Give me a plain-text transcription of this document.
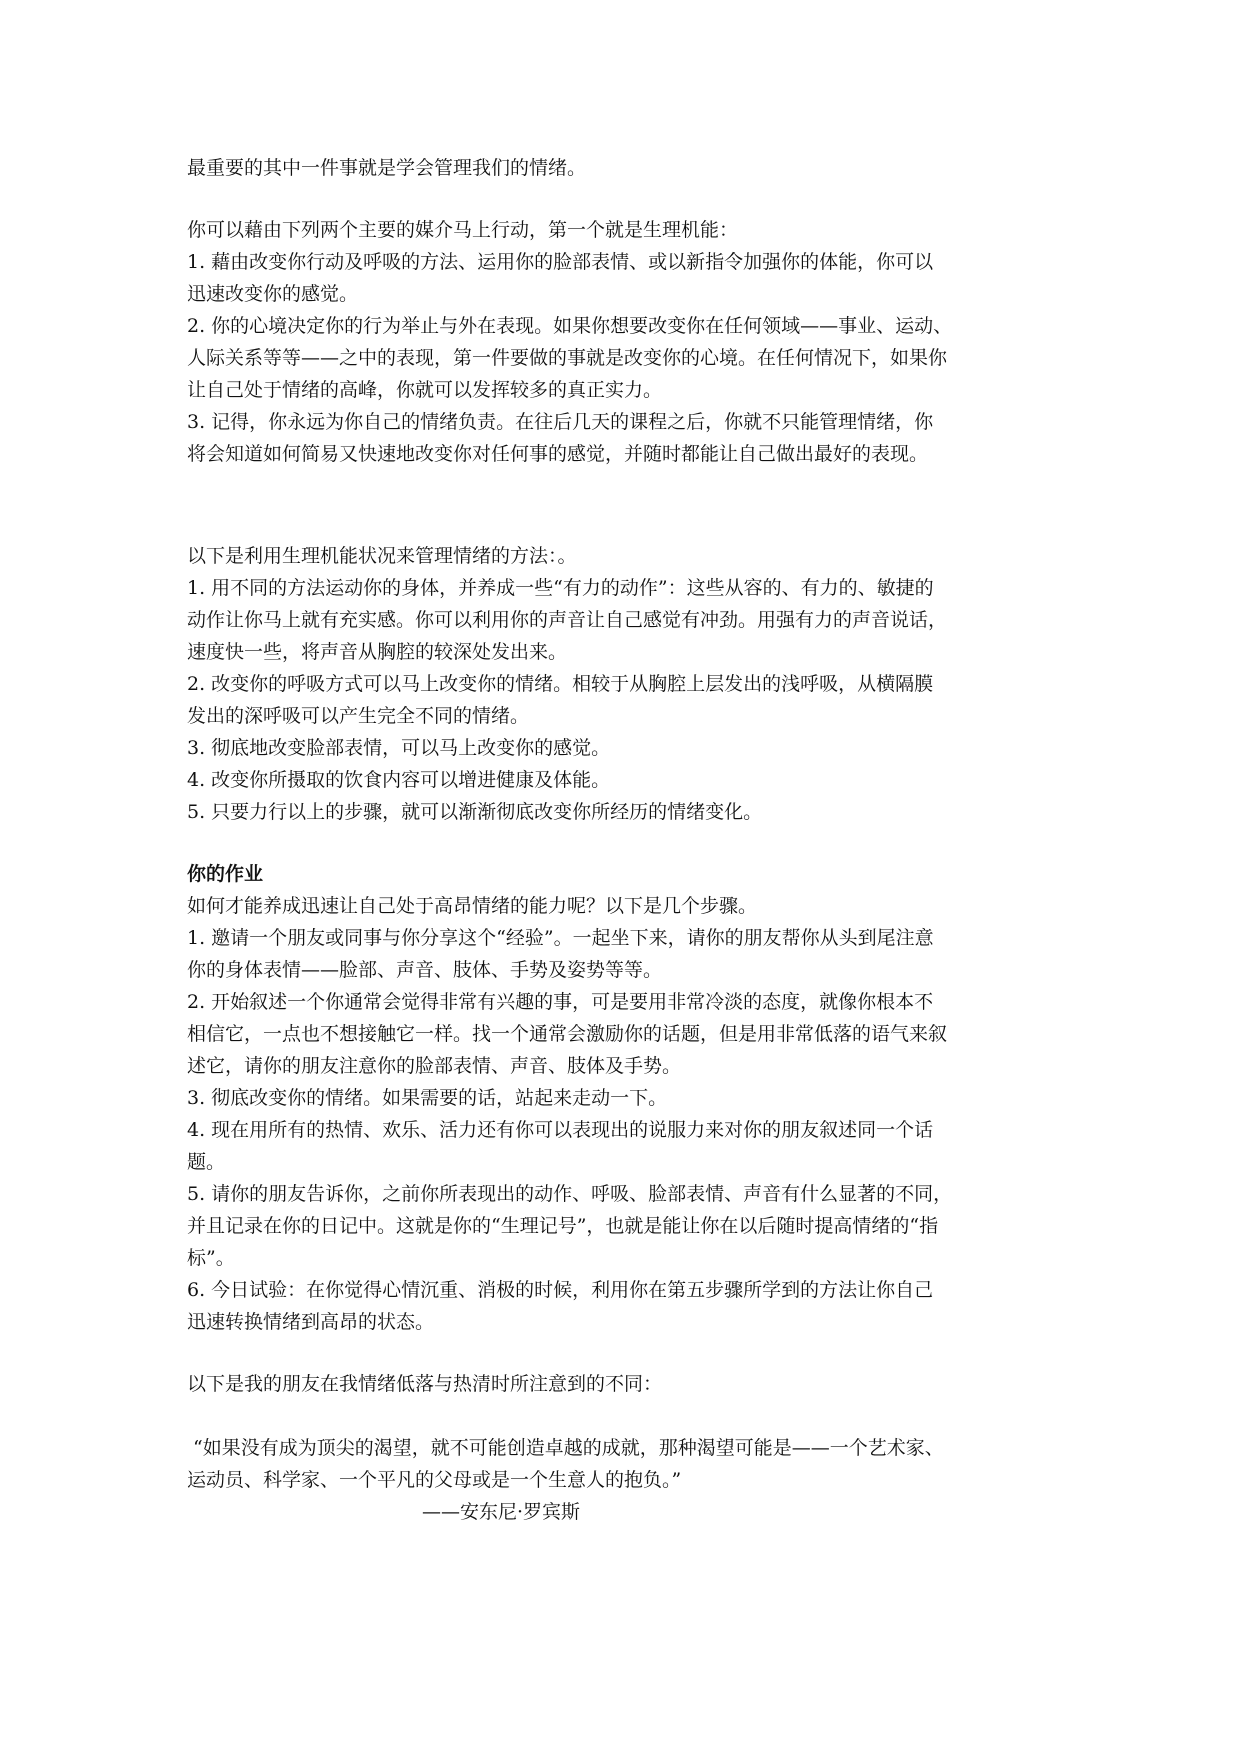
最重要的其中一件事就是学会管理我们的情绪。
你可以藉由下列两个主要的媒介马上行动，第一个就是生理机能：
1. 藉由改变你行动及呼吸的方法、运用你的脸部表情、或以新指令加强你的体能，你可以
迅速改变你的感觉。
2. 你的心境决定你的行为举止与外在表现。如果你想要改变你在任何领域——事业、运动、
人际关系等等——之中的表现，第一件要做的事就是改变你的心境。在任何情况下，如果你
让自己处于情绪的高峰，你就可以发挥较多的真正实力。
3. 记得，你永远为你自己的情绪负责。在往后几天的课程之后，你就不只能管理情绪，你
将会知道如何简易又快速地改变你对任何事的感觉，并随时都能让自己做出最好的表现。
以下是利用生理机能状况来管理情绪的方法：。
1. 用不同的方法运动你的身体，并养成一些“有力的动作”：这些从容的、有力的、敏捷的
动作让你马上就有充实感。你可以利用你的声音让自己感觉有冲劲。用强有力的声音说话，
速度快一些，将声音从胸腔的较深处发出来。
2. 改变你的呼吸方式可以马上改变你的情绪。相较于从胸腔上层发出的浅呼吸，从横隔膜
发出的深呼吸可以产生完全不同的情绪。
3. 彻底地改变脸部表情，可以马上改变你的感觉。
4. 改变你所摄取的饮食内容可以增进健康及体能。
5. 只要力行以上的步骤，就可以渐渐彻底改变你所经历的情绪变化。
你的作业
如何才能养成迅速让自己处于高昂情绪的能力呢？以下是几个步骤。
1. 邀请一个朋友或同事与你分享这个“经验”。一起坐下来，请你的朋友帮你从头到尾注意
你的身体表情——脸部、声音、肢体、手势及姿势等等。
2. 开始叙述一个你通常会觉得非常有兴趣的事，可是要用非常冷淡的态度，就像你根本不
相信它，一点也不想接触它一样。找一个通常会激励你的话题，但是用非常低落的语气来叙
述它，请你的朋友注意你的脸部表情、声音、肢体及手势。
3. 彻底改变你的情绪。如果需要的话，站起来走动一下。
4. 现在用所有的热情、欢乐、活力还有你可以表现出的说服力来对你的朋友叙述同一个话
题。
5. 请你的朋友告诉你，之前你所表现出的动作、呼吸、脸部表情、声音有什么显著的不同，
并且记录在你的日记中。这就是你的“生理记号”，也就是能让你在以后随时提高情绪的“指
标”。
6. 今日试验：在你觉得心情沉重、消极的时候，利用你在第五步骤所学到的方法让你自己
迅速转换情绪到高昂的状态。
以下是我的朋友在我情绪低落与热清时所注意到的不同：
“如果没有成为顶尖的渴望，就不可能创造卓越的成就，那种渴望可能是——一个艺术家、
运动员、科学家、一个平凡的父母或是一个生意人的抱负。”
——安东尼·罗宾斯
